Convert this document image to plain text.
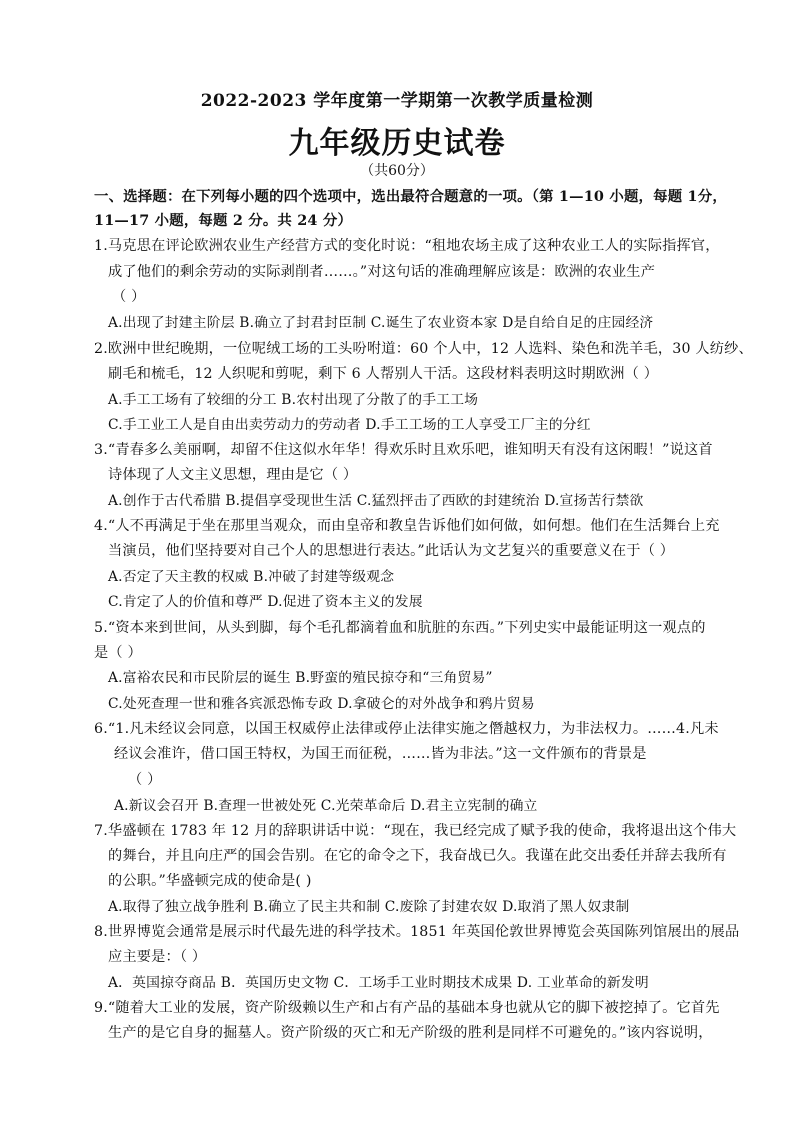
2022-2023 学年度第一学期第一次教学质量检测
九年级历史试卷
（共60分）
一、选择题：在下列每小题的四个选项中，选出最符合题意的一项。（第 1—10 小题，每题 1分，
11—17 小题，每题 2 分。共 24 分）
1.马克思在评论欧洲农业生产经营方式的变化时说：“租地农场主成了这种农业工人的实际指挥官，
成了他们的剩余劳动的实际剥削者……。”对这句话的准确理解应该是：欧洲的农业生产
（ ）
A.出现了封建主阶层 B.确立了封君封臣制 C.诞生了农业资本家 D是自给自足的庄园经济
2.欧洲中世纪晚期，一位呢绒工场的工头吩咐道：60 个人中，12 人选料、染色和洗羊毛，30 人纺纱、
刷毛和梳毛，12 人织呢和剪呢，剩下 6 人帮别人干活。这段材料表明这时期欧洲（ ）
A.手工工场有了较细的分工 B.农村出现了分散了的手工工场
C.手工业工人是自由出卖劳动力的劳动者 D.手工工场的工人享受工厂主的分红
3.“青春多么美丽啊，却留不住这似水年华！得欢乐时且欢乐吧，谁知明天有没有这闲暇！”说这首
诗体现了人文主义思想，理由是它（ ）
A.创作于古代希腊 B.提倡享受现世生活 C.猛烈抨击了西欧的封建统治 D.宣扬苦行禁欲
4.“人不再满足于坐在那里当观众，而由皇帝和教皇告诉他们如何做，如何想。他们在生活舞台上充
当演员，他们坚持要对自己个人的思想进行表达。”此话认为文艺复兴的重要意义在于（ ）
A.否定了天主教的权威 B.冲破了封建等级观念
C.肯定了人的价值和尊严 D.促进了资本主义的发展
5.“资本来到世间，从头到脚，每个毛孔都滴着血和肮脏的东西。”下列史实中最能证明这一观点的
是（ ）
A.富裕农民和市民阶层的诞生 B.野蛮的殖民掠夺和“三角贸易”
C.处死查理一世和雅各宾派恐怖专政 D.拿破仑的对外战争和鸦片贸易
6.“1.凡未经议会同意，以国王权威停止法律或停止法律实施之僭越权力，为非法权力。……4.凡未
经议会准许，借口国王特权，为国王而征税，……皆为非法。”这一文件颁布的背景是
（ ）
A.新议会召开 B.查理一世被处死 C.光荣革命后 D.君主立宪制的确立
7.华盛顿在 1783 年 12 月的辞职讲话中说：“现在，我已经完成了赋予我的使命，我将退出这个伟大
的舞台，并且向庄严的国会告别。在它的命令之下，我奋战已久。我谨在此交出委任并辞去我所有
的公职。”华盛顿完成的使命是( )
A.取得了独立战争胜利 B.确立了民主共和制 C.废除了封建农奴 D.取消了黑人奴隶制
8.世界博览会通常是展示时代最先进的科学技术。1851 年英国伦敦世界博览会英国陈列馆展出的展品
应主要是：（ ）
A．英国掠夺商品 B．英国历史文物 C．工场手工业时期技术成果 D. 工业革命的新发明
9.“随着大工业的发展，资产阶级赖以生产和占有产品的基础本身也就从它的脚下被挖掉了。它首先
生产的是它自身的掘墓人。资产阶级的灭亡和无产阶级的胜利是同样不可避免的。”该内容说明，
